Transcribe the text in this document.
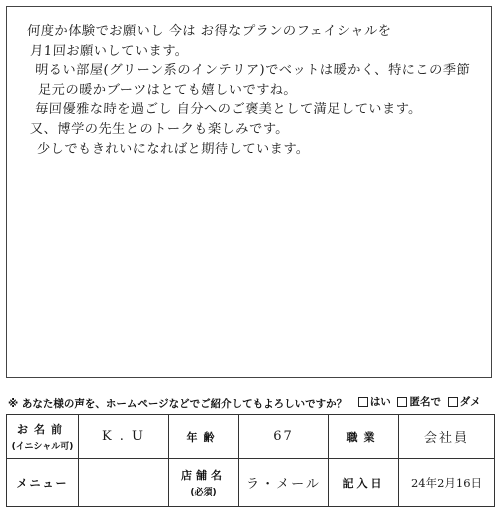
何度か体験でお願いし 今は お得なプランのフェイシャルを
月1回お願いしています。
明るい部屋(グリーン系のインテリア)でベットは暖かく、特にこの季節
足元の暖かブーツはとても嬉しいですね。
毎回優雅な時を過ごし 自分へのご褒美として満足しています。
又、博学の先生とのトークも楽しみです。
少しでもきれいになればと期待しています。
※ あなた様の声を、ホームページなどでご紹介してもよろしいですか？ はい
匿名で
ダメ
お名前
(イニシャル可)	K . U	年齢	67	職業	会社員

メニュー		店舗名
(必須)	ラ・メール	記入日	24年2月16日
